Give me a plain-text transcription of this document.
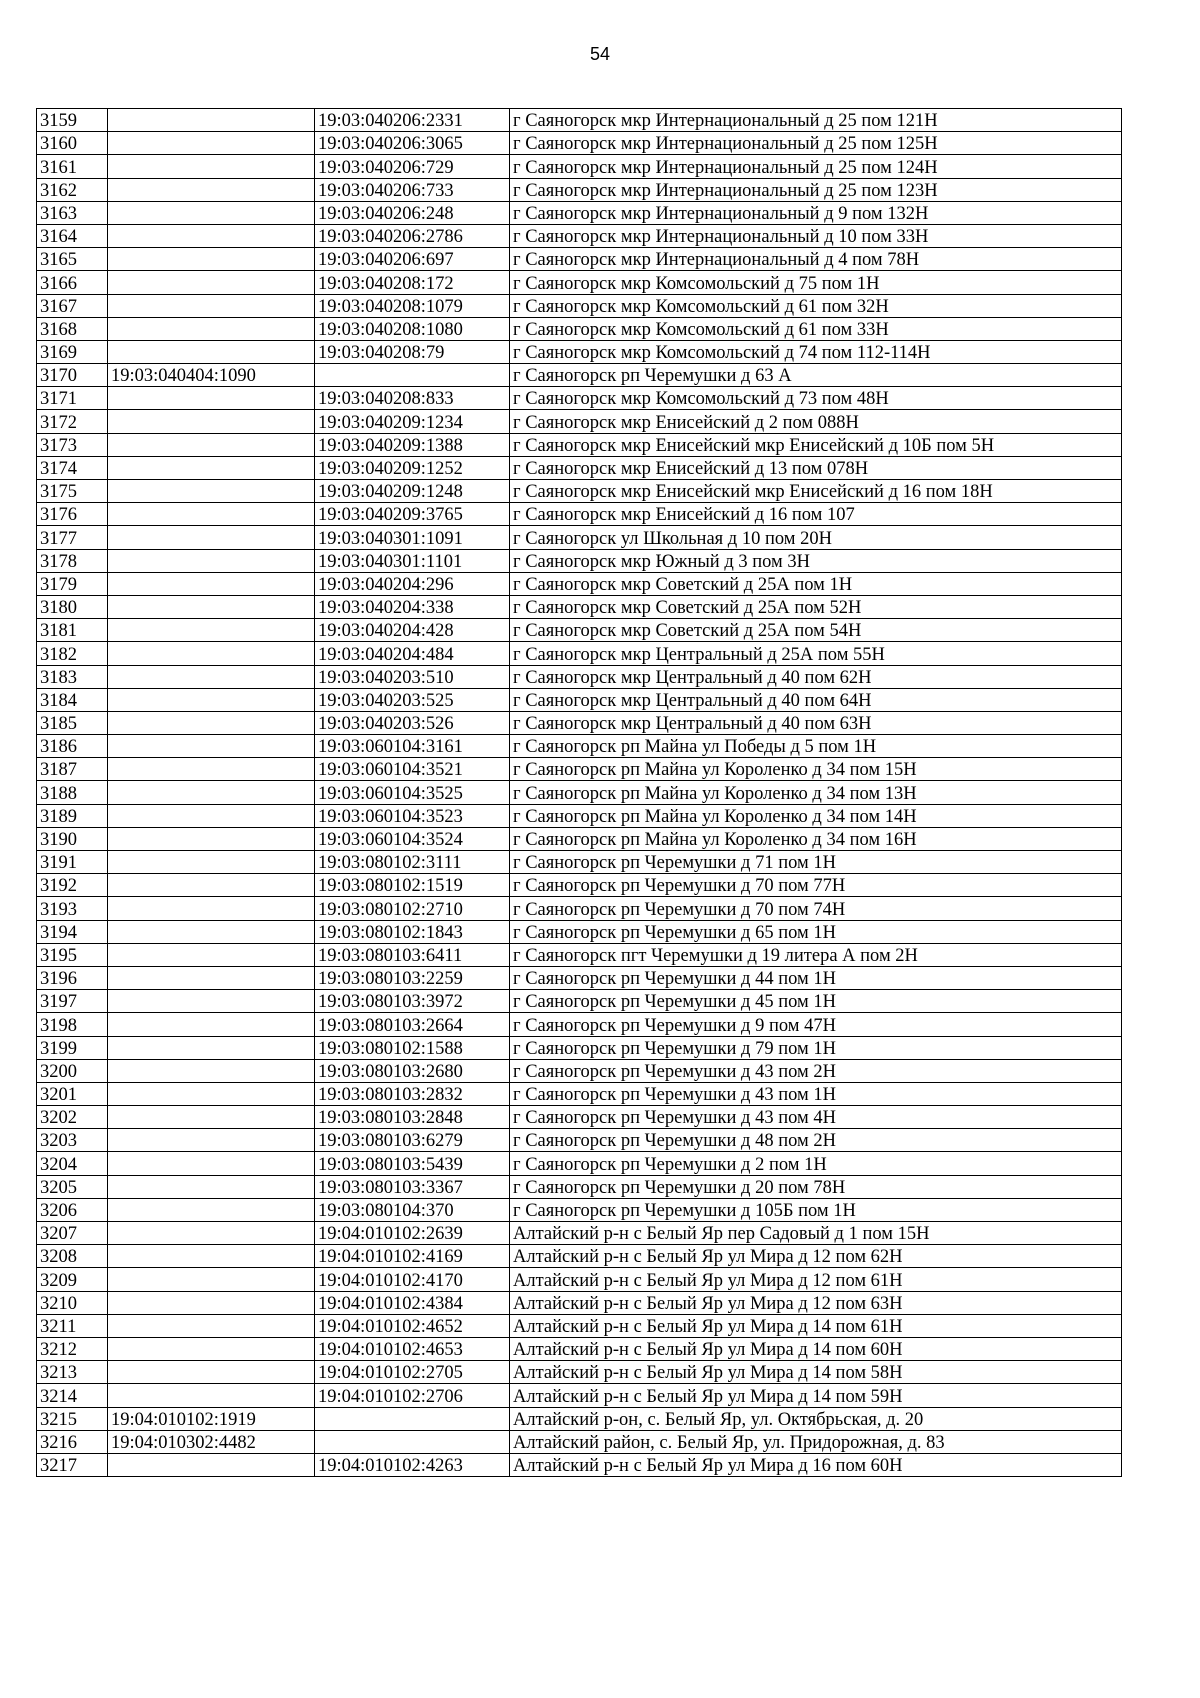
54
3159		19:03:040206:2331	г Саяногорск мкр Интернациональный д 25 пом 121Н
3160		19:03:040206:3065	г Саяногорск мкр Интернациональный д 25 пом 125Н
3161		19:03:040206:729	г Саяногорск мкр Интернациональный д 25 пом 124Н
3162		19:03:040206:733	г Саяногорск мкр Интернациональный д 25 пом 123Н
3163		19:03:040206:248	г Саяногорск мкр Интернациональный д 9 пом 132Н
3164		19:03:040206:2786	г Саяногорск мкр Интернациональный д 10 пом 33Н
3165		19:03:040206:697	г Саяногорск мкр Интернациональный д 4 пом 78Н
3166		19:03:040208:172	г Саяногорск мкр Комсомольский д 75 пом 1Н
3167		19:03:040208:1079	г Саяногорск мкр Комсомольский д 61 пом 32Н
3168		19:03:040208:1080	г Саяногорск мкр Комсомольский д 61 пом 33Н
3169		19:03:040208:79	г Саяногорск мкр Комсомольский д 74 пом 112-114Н
3170	19:03:040404:1090		г Саяногорск рп Черемушки д 63 А
3171		19:03:040208:833	г Саяногорск мкр Комсомольский д 73 пом 48Н
3172		19:03:040209:1234	г Саяногорск мкр Енисейский д 2 пом 088Н
3173		19:03:040209:1388	г Саяногорск мкр Енисейский мкр Енисейский д 10Б пом 5Н
3174		19:03:040209:1252	г Саяногорск мкр Енисейский д 13 пом 078Н
3175		19:03:040209:1248	г Саяногорск мкр Енисейский мкр Енисейский д 16 пом 18Н
3176		19:03:040209:3765	г Саяногорск мкр Енисейский д 16 пом 107
3177		19:03:040301:1091	г Саяногорск ул Школьная д 10 пом 20Н
3178		19:03:040301:1101	г Саяногорск мкр Южный д 3 пом 3Н
3179		19:03:040204:296	г Саяногорск мкр Советский д 25А пом 1Н
3180		19:03:040204:338	г Саяногорск мкр Советский д 25А пом 52Н
3181		19:03:040204:428	г Саяногорск мкр Советский д 25А пом 54Н
3182		19:03:040204:484	г Саяногорск мкр Центральный д 25А пом 55Н
3183		19:03:040203:510	г Саяногорск мкр Центральный д 40 пом 62Н
3184		19:03:040203:525	г Саяногорск мкр Центральный д 40 пом 64Н
3185		19:03:040203:526	г Саяногорск мкр Центральный д 40 пом 63Н
3186		19:03:060104:3161	г Саяногорск рп Майна ул Победы д 5 пом 1Н
3187		19:03:060104:3521	г Саяногорск рп Майна ул Короленко д 34 пом 15Н
3188		19:03:060104:3525	г Саяногорск рп Майна ул Короленко д 34 пом 13Н
3189		19:03:060104:3523	г Саяногорск рп Майна ул Короленко д 34 пом 14Н
3190		19:03:060104:3524	г Саяногорск рп Майна ул Короленко д 34 пом 16Н
3191		19:03:080102:3111	г Саяногорск рп Черемушки д 71 пом 1Н
3192		19:03:080102:1519	г Саяногорск рп Черемушки д 70 пом 77Н
3193		19:03:080102:2710	г Саяногорск рп Черемушки д 70 пом 74Н
3194		19:03:080102:1843	г Саяногорск рп Черемушки д 65 пом 1Н
3195		19:03:080103:6411	г Саяногорск пгт Черемушки д 19 литера А пом 2Н
3196		19:03:080103:2259	г Саяногорск рп Черемушки д 44 пом 1Н
3197		19:03:080103:3972	г Саяногорск рп Черемушки д 45 пом 1Н
3198		19:03:080103:2664	г Саяногорск рп Черемушки д 9 пом 47Н
3199		19:03:080102:1588	г Саяногорск рп Черемушки д 79 пом 1Н
3200		19:03:080103:2680	г Саяногорск рп Черемушки д 43 пом 2Н
3201		19:03:080103:2832	г Саяногорск рп Черемушки д 43 пом 1Н
3202		19:03:080103:2848	г Саяногорск рп Черемушки д 43 пом 4Н
3203		19:03:080103:6279	г Саяногорск рп Черемушки д 48 пом 2Н
3204		19:03:080103:5439	г Саяногорск рп Черемушки д 2 пом 1Н
3205		19:03:080103:3367	г Саяногорск рп Черемушки д 20 пом 78Н
3206		19:03:080104:370	г Саяногорск рп Черемушки д 105Б пом 1Н
3207		19:04:010102:2639	Алтайский р-н с Белый Яр пер Садовый д 1 пом 15Н
3208		19:04:010102:4169	Алтайский р-н с Белый Яр ул Мира д 12 пом 62Н
3209		19:04:010102:4170	Алтайский р-н с Белый Яр ул Мира д 12 пом 61Н
3210		19:04:010102:4384	Алтайский р-н с Белый Яр ул Мира д 12 пом 63Н
3211		19:04:010102:4652	Алтайский р-н с Белый Яр ул Мира д 14 пом 61Н
3212		19:04:010102:4653	Алтайский р-н с Белый Яр ул Мира д 14 пом 60Н
3213		19:04:010102:2705	Алтайский р-н с Белый Яр ул Мира д 14 пом 58Н
3214		19:04:010102:2706	Алтайский р-н с Белый Яр ул Мира д 14 пом 59Н
3215	19:04:010102:1919		Алтайский р-он, с. Белый Яр, ул. Октябрьская, д. 20
3216	19:04:010302:4482		Алтайский район, с. Белый Яр, ул. Придорожная, д. 83
3217		19:04:010102:4263	Алтайский р-н с Белый Яр ул Мира д 16 пом 60Н
